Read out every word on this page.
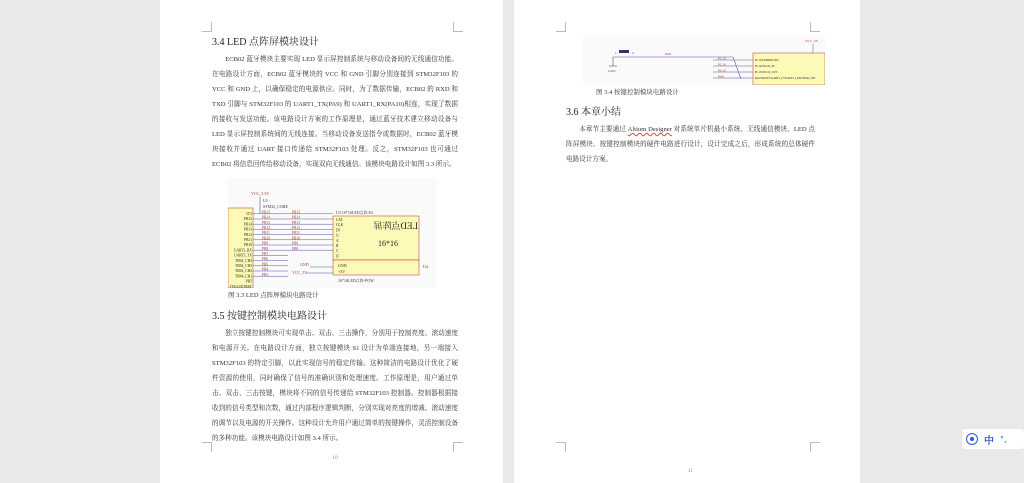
3.4 LED 点阵屏模块设计
ECB02 蓝牙模块主要实现 LED 显示屏控制系统与移动设备间的无线通信功能。在电路设计方面，ECB02 蓝牙模块的 VCC 和 GND 引脚分别连接到 STM32F103 的 VCC 和 GND 上，以确保稳定的电源供应。同时，为了数据传输，ECB02 的 RXD 和 TXD 引脚与 STM32F103 的 UART1_TX(PA9) 和 UART1_RX(PA10)相连，实现了数据的接收与发送功能。该电路设计方案的工作原理是，通过蓝牙技术建立移动设备与 LED 显示屏控制系统间的无线连接。当移动设备发送指令或数据时，ECB02 蓝牙模块接收并通过 UART 接口传递给 STM32F103 处理。反之，STM32F103 也可通过 ECB02 将信息回传给移动设备，实现双向无线通信。该模块电路设计如图 3.3 所示。
VCC_3.3V
U1
STM32_CORE
3V3
PB15
PB14
PB13
PB12
PB11
PB10
UART3_RX
UART3_TX
TIM4_CH4
TIM4_CH3
TIM4_CH2
TIM4_CH1
PB5
JTAG/NJTRST
PB15	PB15
PB14	PB14
PB13	PB13
PB12	PB12
PB11	PB11
PB10	PB10
PB9	PB9
PB8	PB8
PB7
PB6
PB5
PB4
PB3
U3 16*16LED点阵-IO
LED点阵屏
16*16
U4
16*16LED点阵-POW
LAT
CLK
DI
G
A
B
C
D
GND
+5V
GND
VCC_5V
图 3.3 LED 点阵屏模块电路设计
3.5 按键控制模块电路设计
独立按键控制模块可实现单击、双击、三击操作，分别用于控制亮度、滚动速度和电源开关。在电路设计方面，独立按键模块 S1 设计为单端连接地，另一端接入 STM32F103 的特定引脚，以此实现信号的稳定传输。这种简洁的电路设计优化了硬件资源的使用，同时确保了信号的准确识别和处理速度。工作原理是，用户通过单击、双击、三击按键，模块将不同的信号传递给 STM32F103 控制器。控制器根据接收到的信号类型和次数，通过内部程序逻辑判断，分别实现对亮度的增减、滚动速度的调节以及电源的开关操作。这种设计允许用户通过简单的按键操作，灵活控制设备的多种功能。该模块电路设计如图 3.4 所示。
10
VCC_5V
GND
1	2	PA0
PC13
PC13/TAMPER-RTC
PC14
PC14/OSC32_IN
PC15
PC15/OSC32_OUT
PA0
PA0/WKUP/USART2_CTS/ADC12_IN0/TIM2_CH1
图 3.4 按键控制模块电路设计
3.6 本章小结
本章节主要通过 Altium Designer 对系统单片机最小系统、无线通信模块、LED 点阵屏模块、按键控制模块的硬件电路进行设计，设计完成之后，形成系统的总体硬件电路设计方案。
11
中 °,
